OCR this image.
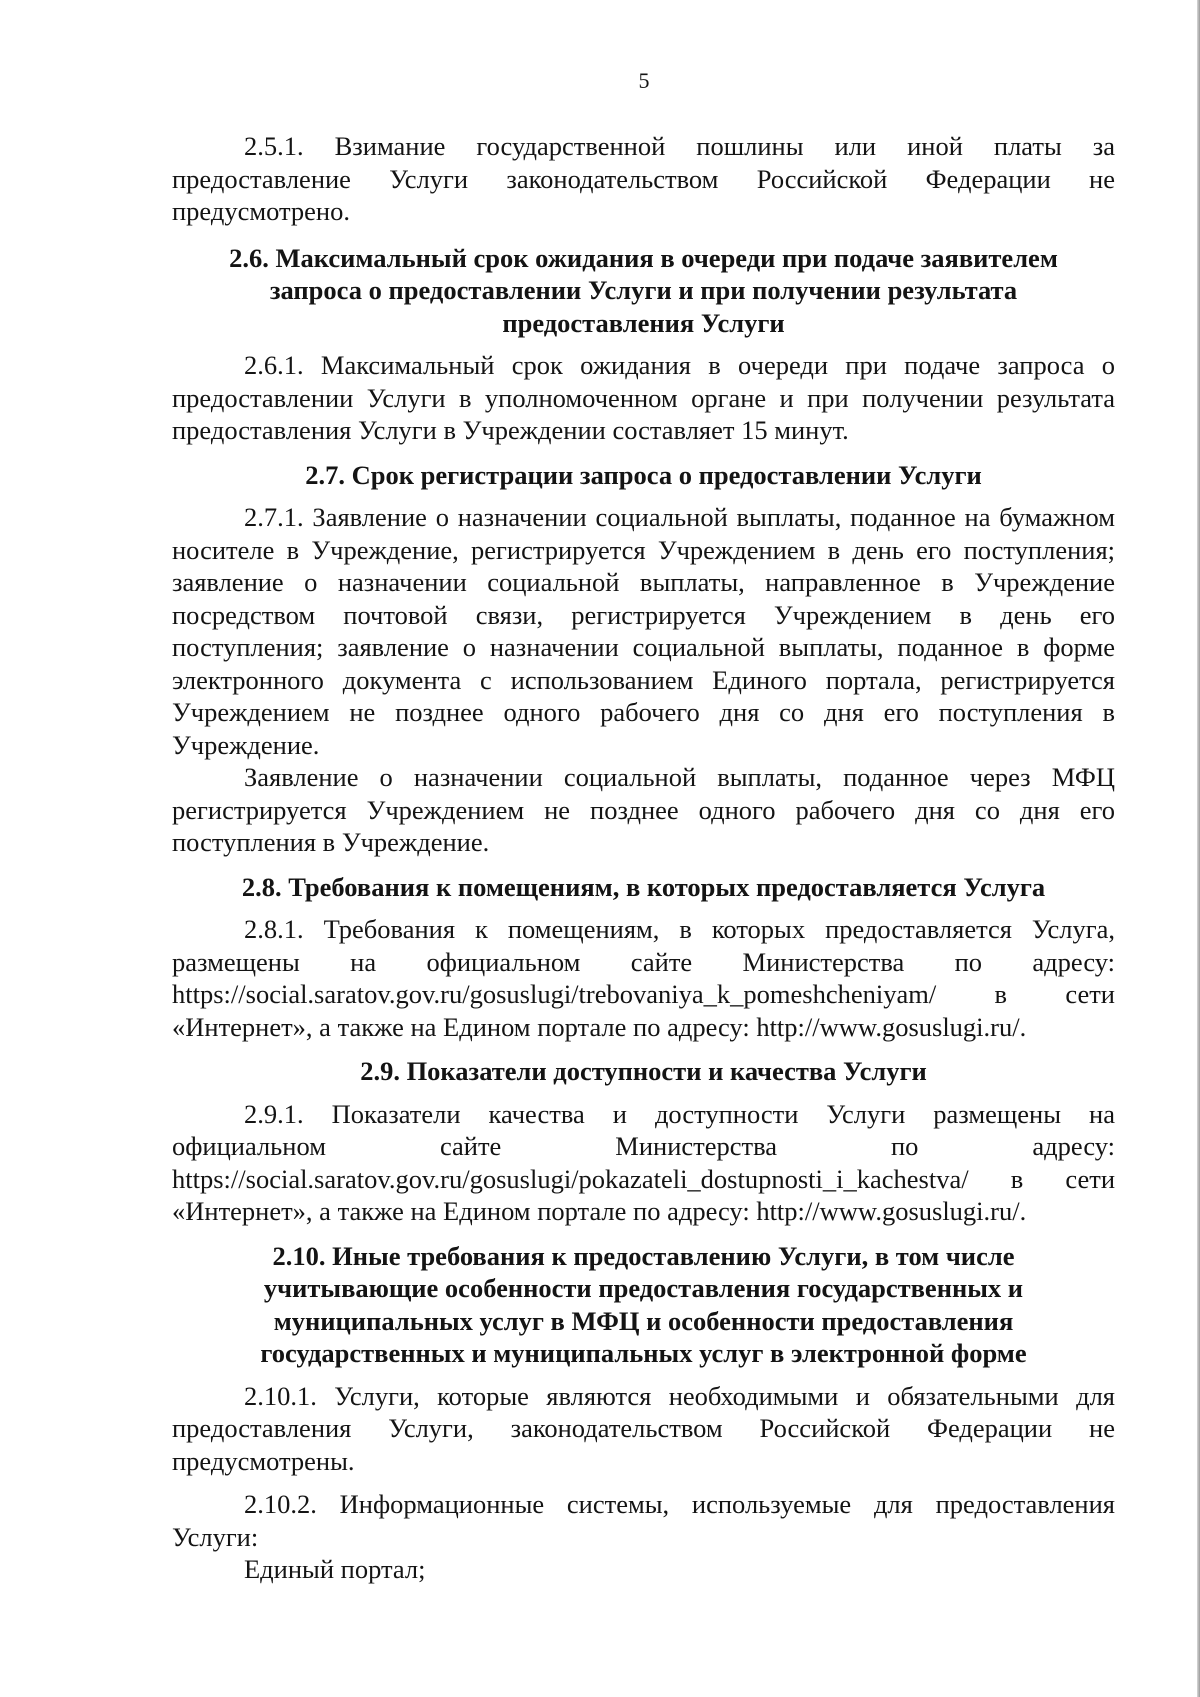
5

2.5.1. Взимание государственной пошлины или иной платы за предоставление Услуги законодательством Российской Федерации не предусмотрено.

2.6. Максимальный срок ожидания в очереди при подаче заявителем
запроса о предоставлении Услуги и при получении результата
предоставления Услуги

2.6.1. Максимальный срок ожидания в очереди при подаче запроса о предоставлении Услуги в уполномоченном органе и при получении результата предоставления Услуги в Учреждении составляет 15 минут.

2.7. Срок регистрации запроса о предоставлении Услуги

2.7.1. Заявление о назначении социальной выплаты, поданное на бумажном носителе в Учреждение, регистрируется Учреждением в день его поступления; заявление о назначении социальной выплаты, направленное в Учреждение посредством почтовой связи, регистрируется Учреждением в день его поступления; заявление о назначении социальной выплаты, поданное в форме электронного документа с использованием Единого портала, регистрируется Учреждением не позднее одного рабочего дня со дня его поступления в Учреждение.

Заявление о назначении социальной выплаты, поданное через МФЦ регистрируется Учреждением не позднее одного рабочего дня со дня его поступления в Учреждение.

2.8. Требования к помещениям, в которых предоставляется Услуга

2.8.1. Требования к помещениям, в которых предоставляется Услуга, размещены на официальном сайте Министерства по адресу: https://social.saratov.gov.ru/gosuslugi/trebovaniya_k_pomeshcheniyam/ в сети «Интернет», а также на Едином портале по адресу: http://www.gosuslugi.ru/.

2.9. Показатели доступности и качества Услуги

2.9.1. Показатели качества и доступности Услуги размещены на официальном сайте Министерства по адресу: https://social.saratov.gov.ru/gosuslugi/pokazateli_dostupnosti_i_kachestva/ в сети «Интернет», а также на Едином портале по адресу: http://www.gosuslugi.ru/.

2.10. Иные требования к предоставлению Услуги, в том числе
учитывающие особенности предоставления государственных и
муниципальных услуг в МФЦ и особенности предоставления
государственных и муниципальных услуг в электронной форме

2.10.1. Услуги, которые являются необходимыми и обязательными для предоставления Услуги, законодательством Российской Федерации не предусмотрены.

2.10.2. Информационные системы, используемые для предоставления Услуги:

Единый портал;
